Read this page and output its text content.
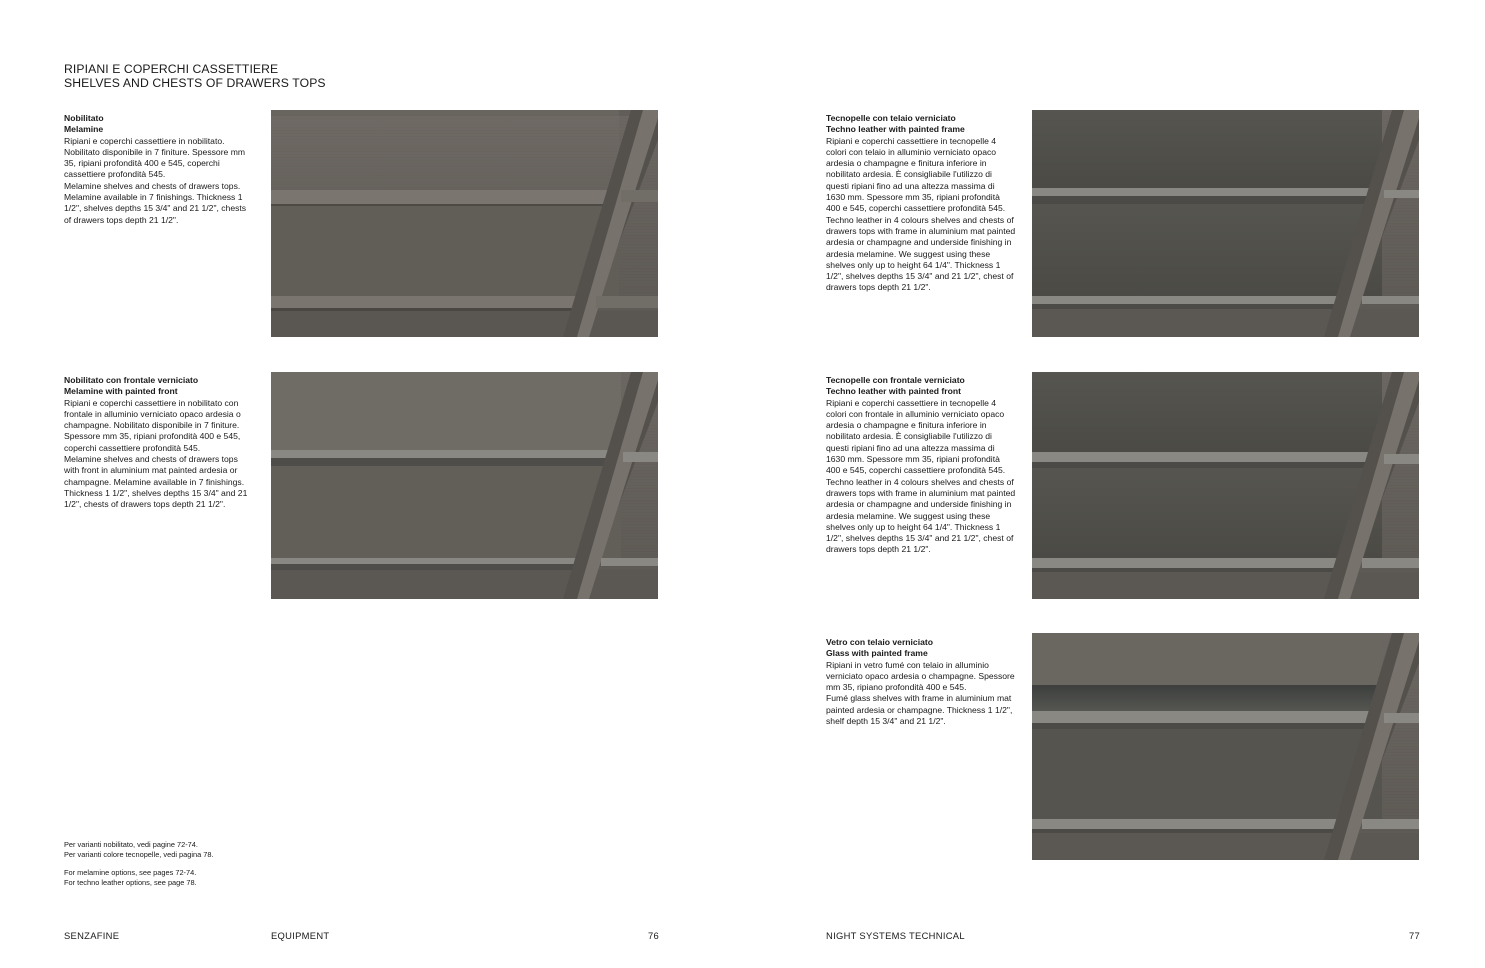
RIPIANI E COPERCHI CASSETTIERE
SHELVES AND CHESTS OF DRAWERS TOPS
Nobilitato
Melamine

Ripiani e coperchi cassettiere in nobilitato. Nobilitato disponibile in 7 finiture. Spessore mm 35, ripiani profondità 400 e 545, coperchi cassettiere profondità 545.

Melamine shelves and chests of drawers tops. Melamine available in 7 finishings. Thickness 1 1/2", shelves depths 15 3/4" and 21 1/2", chests of drawers tops depth 21 1/2".

Nobilitato con frontale verniciato
Melamine with painted front

Ripiani e coperchi cassettiere in nobilitato con frontale in alluminio verniciato opaco ardesia o champagne. Nobilitato disponibile in 7 finiture. Spessore mm 35, ripiani profondità 400 e 545, coperchi cassettiere profondità 545.

Melamine shelves and chests of drawers tops with front in aluminium mat painted ardesia or champagne. Melamine available in 7 finishings. Thickness 1 1/2", shelves depths 15 3/4" and 21 1/2", chests of drawers tops depth 21 1/2".

Tecnopelle con telaio verniciato
Techno leather with painted frame

Ripiani e coperchi cassettiere in tecnopelle 4 colori con telaio in alluminio verniciato opaco ardesia o champagne e finitura inferiore in nobilitato ardesia. È consigliabile l'utilizzo di questi ripiani fino ad una altezza massima di 1630 mm. Spessore mm 35, ripiani profondità 400 e 545, coperchi cassettiere profondità 545.

Techno leather in 4 colours shelves and chests of drawers tops with frame in aluminium mat painted ardesia or champagne and underside finishing in ardesia melamine. We suggest using these shelves only up to height 64 1/4". Thickness 1 1/2", shelves depths 15 3/4" and 21 1/2", chest of drawers tops depth 21 1/2".

Tecnopelle con frontale verniciato
Techno leather with painted front

Ripiani e coperchi cassettiere in tecnopelle 4 colori con frontale in alluminio verniciato opaco ardesia o champagne e finitura inferiore in nobilitato ardesia. È consigliabile l'utilizzo di questi ripiani fino ad una altezza massima di 1630 mm. Spessore mm 35, ripiani profondità 400 e 545, coperchi cassettiere profondità 545.

Techno leather in 4 colours shelves and chests of drawers tops with frame in aluminium mat painted ardesia or champagne and underside finishing in ardesia melamine. We suggest using these shelves only up to height 64 1/4". Thickness 1 1/2", shelves depths 15 3/4" and 21 1/2", chest of drawers tops depth 21 1/2".

Vetro con telaio verniciato
Glass with painted frame

Ripiani in vetro fumé con telaio in alluminio verniciato opaco ardesia o champagne. Spessore mm 35, ripiano profondità 400 e 545.

Fumé glass shelves with frame in aluminium mat painted ardesia or champagne. Thickness 1 1/2", shelf depth 15 3/4" and 21 1/2".

Per varianti nobilitato, vedi pagine 72-74.
Per varianti colore tecnopelle, vedi pagina 78.
For melamine options, see pages 72-74.
For techno leather options, see page 78.
SENZAFINE	EQUIPMENT	76	NIGHT SYSTEMS TECHNICAL	77
